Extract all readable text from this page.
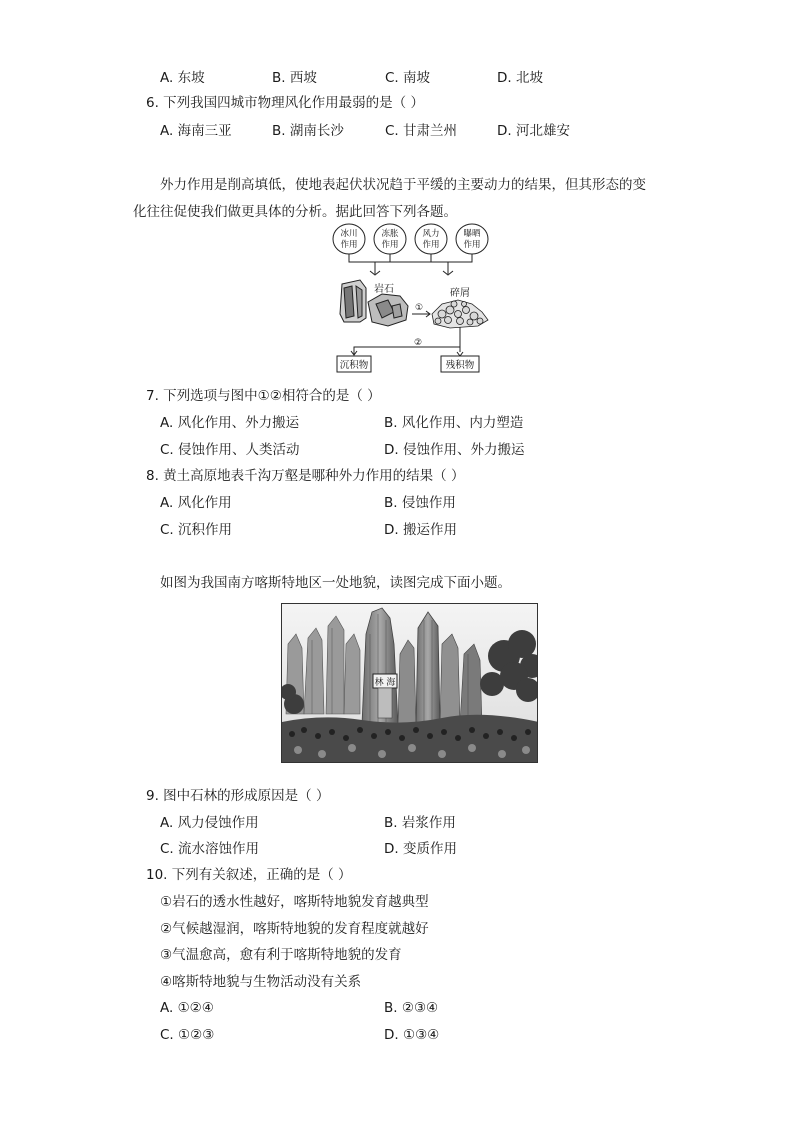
A. 东坡	B. 西坡	C. 南坡	D. 北坡
6. 下列我国四城市物理风化作用最弱的是（ ）
A. 海南三亚	B. 湖南长沙	C. 甘肃兰州	D. 河北雄安
外力作用是削高填低，使地表起伏状况趋于平缓的主要动力的结果，但其形态的变
化往往促使我们做更具体的分析。据此回答下列各题。
冰川
作用
冻胀
作用
风力
作用
曝晒
作用
岩石	碎屑
①
②
沉积物	残积物
7. 下列选项与图中①②相符合的是（ ）
A. 风化作用、外力搬运	B. 风化作用、内力塑造
C. 侵蚀作用、人类活动	D. 侵蚀作用、外力搬运
8. 黄土高原地表千沟万壑是哪种外力作用的结果（ ）
A. 风化作用	B. 侵蚀作用
C. 沉积作用	D. 搬运作用
如图为我国南方喀斯特地区一处地貌，读图完成下面小题。
林 海
9. 图中石林的形成原因是（ ）
A. 风力侵蚀作用	B. 岩浆作用
C. 流水溶蚀作用	D. 变质作用
10. 下列有关叙述，正确的是（ ）
①岩石的透水性越好，喀斯特地貌发育越典型
②气候越湿润，喀斯特地貌的发育程度就越好
③气温愈高，愈有利于喀斯特地貌的发育
④喀斯特地貌与生物活动没有关系
A. ①②④	B. ②③④
C. ①②③	D. ①③④
